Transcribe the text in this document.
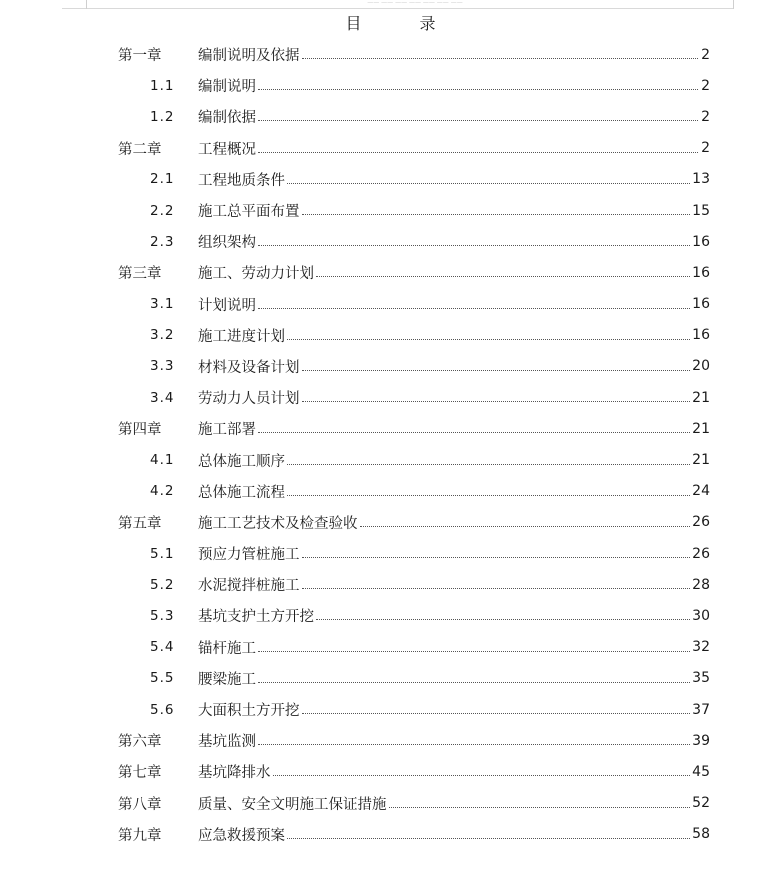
—— —— —— —— —— —— ——
目	录
第一章	编制说明及依据	2
1.1	编制说明	2
1.2	编制依据	2
第二章	工程概况	2
2.1	工程地质条件	13
2.2	施工总平面布置	15
2.3	组织架构	16
第三章	施工、劳动力计划	16
3.1	计划说明	16
3.2	施工进度计划	16
3.3	材料及设备计划	20
3.4	劳动力人员计划	21
第四章	施工部署	21
4.1	总体施工顺序	21
4.2	总体施工流程	24
第五章	施工工艺技术及检查验收	26
5.1	预应力管桩施工	26
5.2	水泥搅拌桩施工	28
5.3	基坑支护土方开挖	30
5.4	锚杆施工	32
5.5	腰梁施工	35
5.6	大面积土方开挖	37
第六章	基坑监测	39
第七章	基坑降排水	45
第八章	质量、安全文明施工保证措施	52
第九章	应急救援预案	58
